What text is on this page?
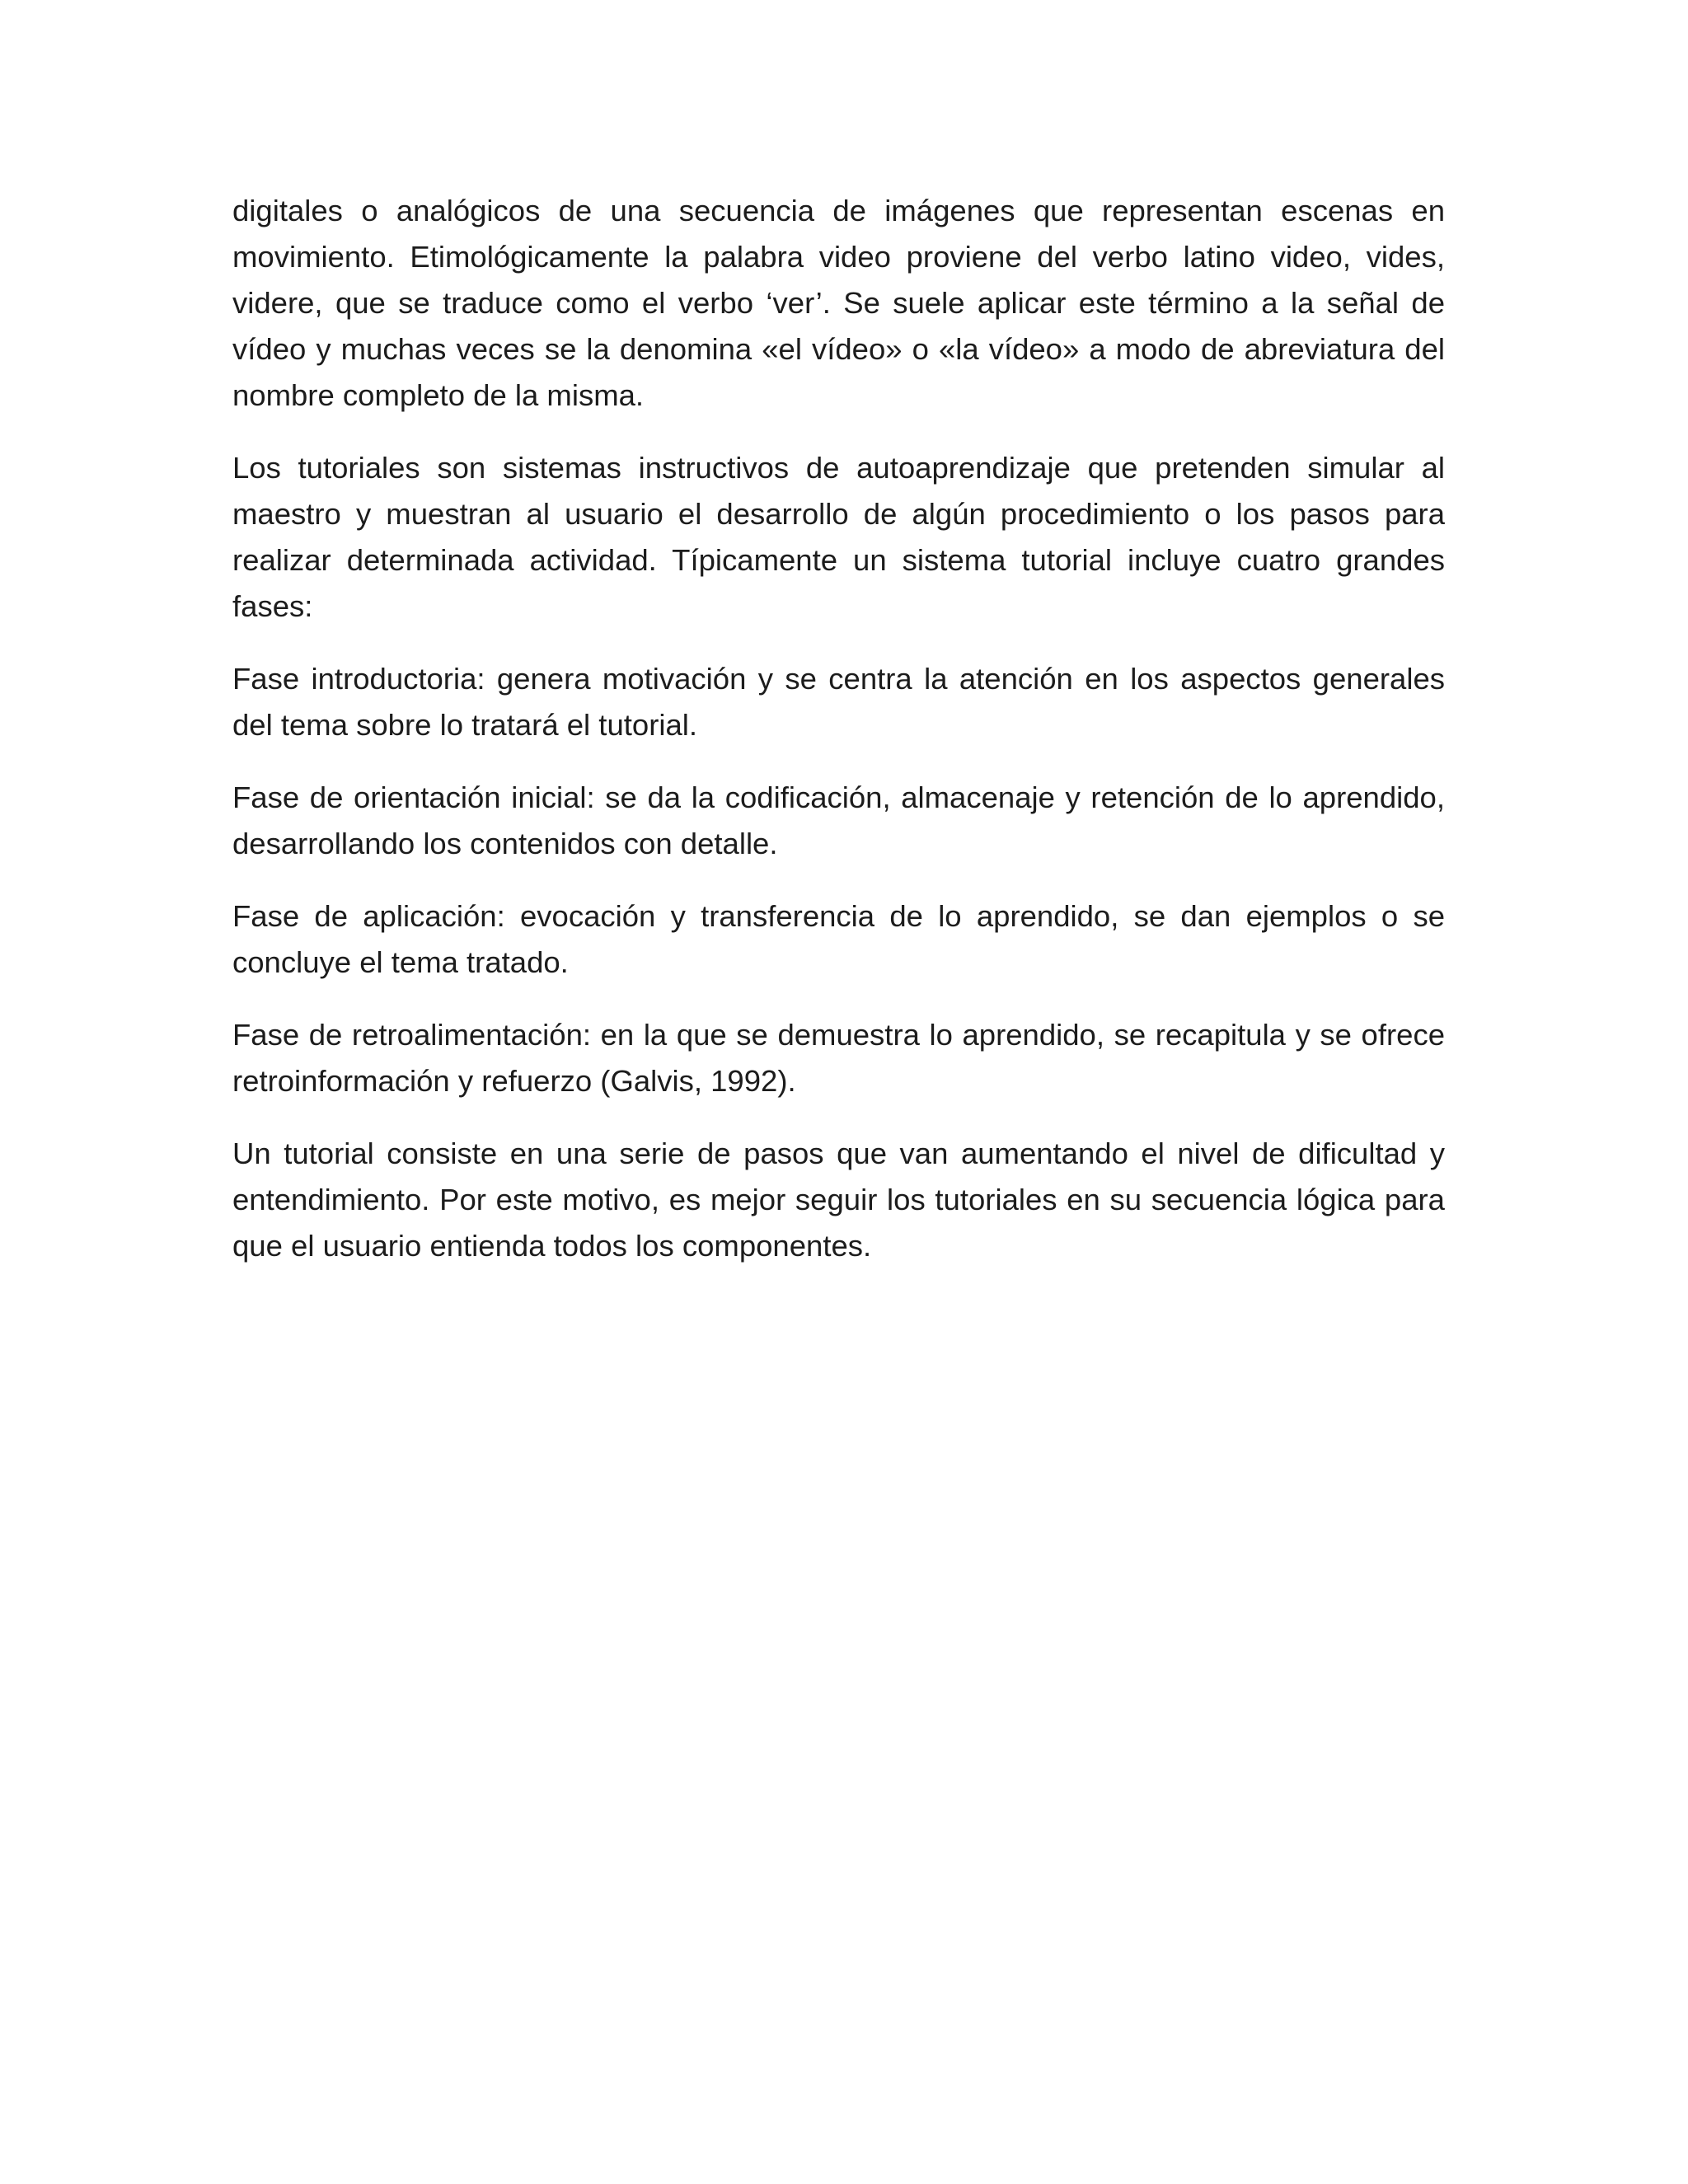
digitales o analógicos de una secuencia de imágenes que representan escenas en movimiento. Etimológicamente la palabra video proviene del verbo latino video, vides, videre, que se traduce como el verbo ‘ver’. Se suele aplicar este término a la señal de vídeo y muchas veces se la denomina «el vídeo» o «la vídeo» a modo de abreviatura del nombre completo de la misma.

Los tutoriales son sistemas instructivos de autoaprendizaje que pretenden simular al maestro y muestran al usuario el desarrollo de algún procedimiento o los pasos para realizar determinada actividad. Típicamente un sistema tutorial incluye cuatro grandes fases:

Fase introductoria: genera motivación y se centra la atención en los aspectos generales del tema sobre lo tratará el tutorial.

Fase de orientación inicial: se da la codificación, almacenaje y retención de lo aprendido, desarrollando los contenidos con detalle.

Fase de aplicación: evocación y transferencia de lo aprendido, se dan ejemplos o se concluye el tema tratado.

Fase de retroalimentación: en la que se demuestra lo aprendido, se recapitula y se ofrece retroinformación y refuerzo (Galvis, 1992).

Un tutorial consiste en una serie de pasos que van aumentando el nivel de dificultad y entendimiento. Por este motivo, es mejor seguir los tutoriales en su secuencia lógica para que el usuario entienda todos los componentes.
